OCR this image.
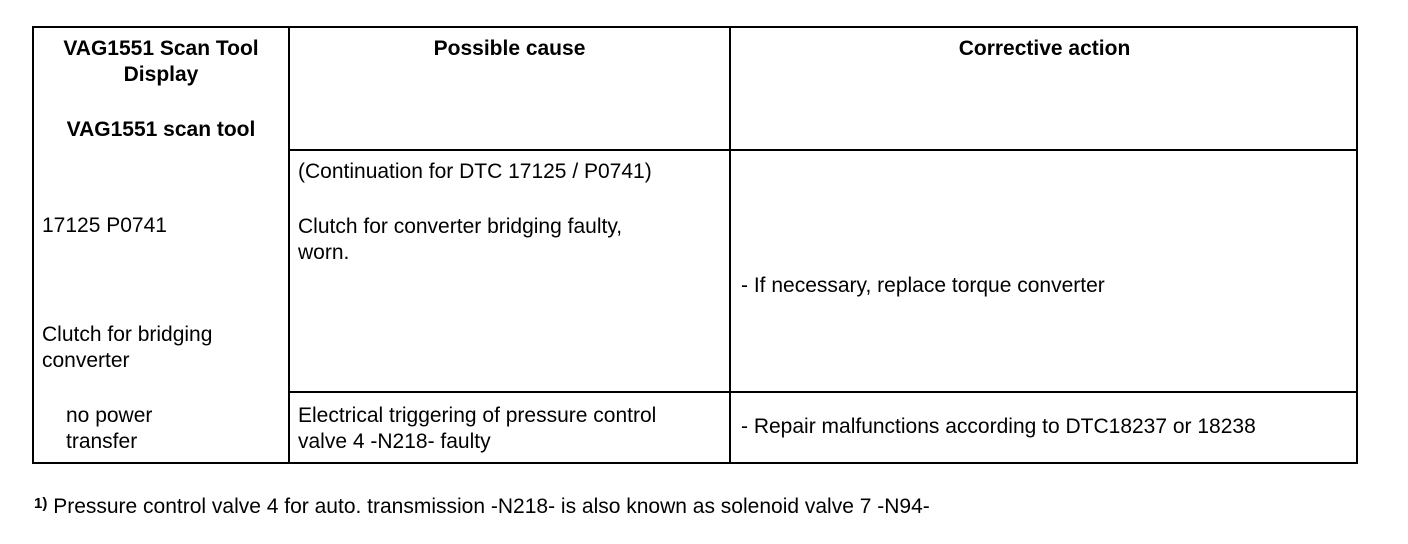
VAG1551 Scan Tool
Display
VAG1551 scan tool
Possible cause	Corrective action
17125 P0741
Clutch for bridging
converter
no power
transfer
(Continuation for DTC 17125 / P0741)
Clutch for converter bridging faulty,
worn.
- If necessary, replace torque converter
Electrical triggering of pressure control
valve 4 -N218- faulty
- Repair malfunctions according to DTC18237 or 18238
$^{1)}$ Pressure control valve 4 for auto. transmission -N218- is also known as solenoid valve 7 -N94-
